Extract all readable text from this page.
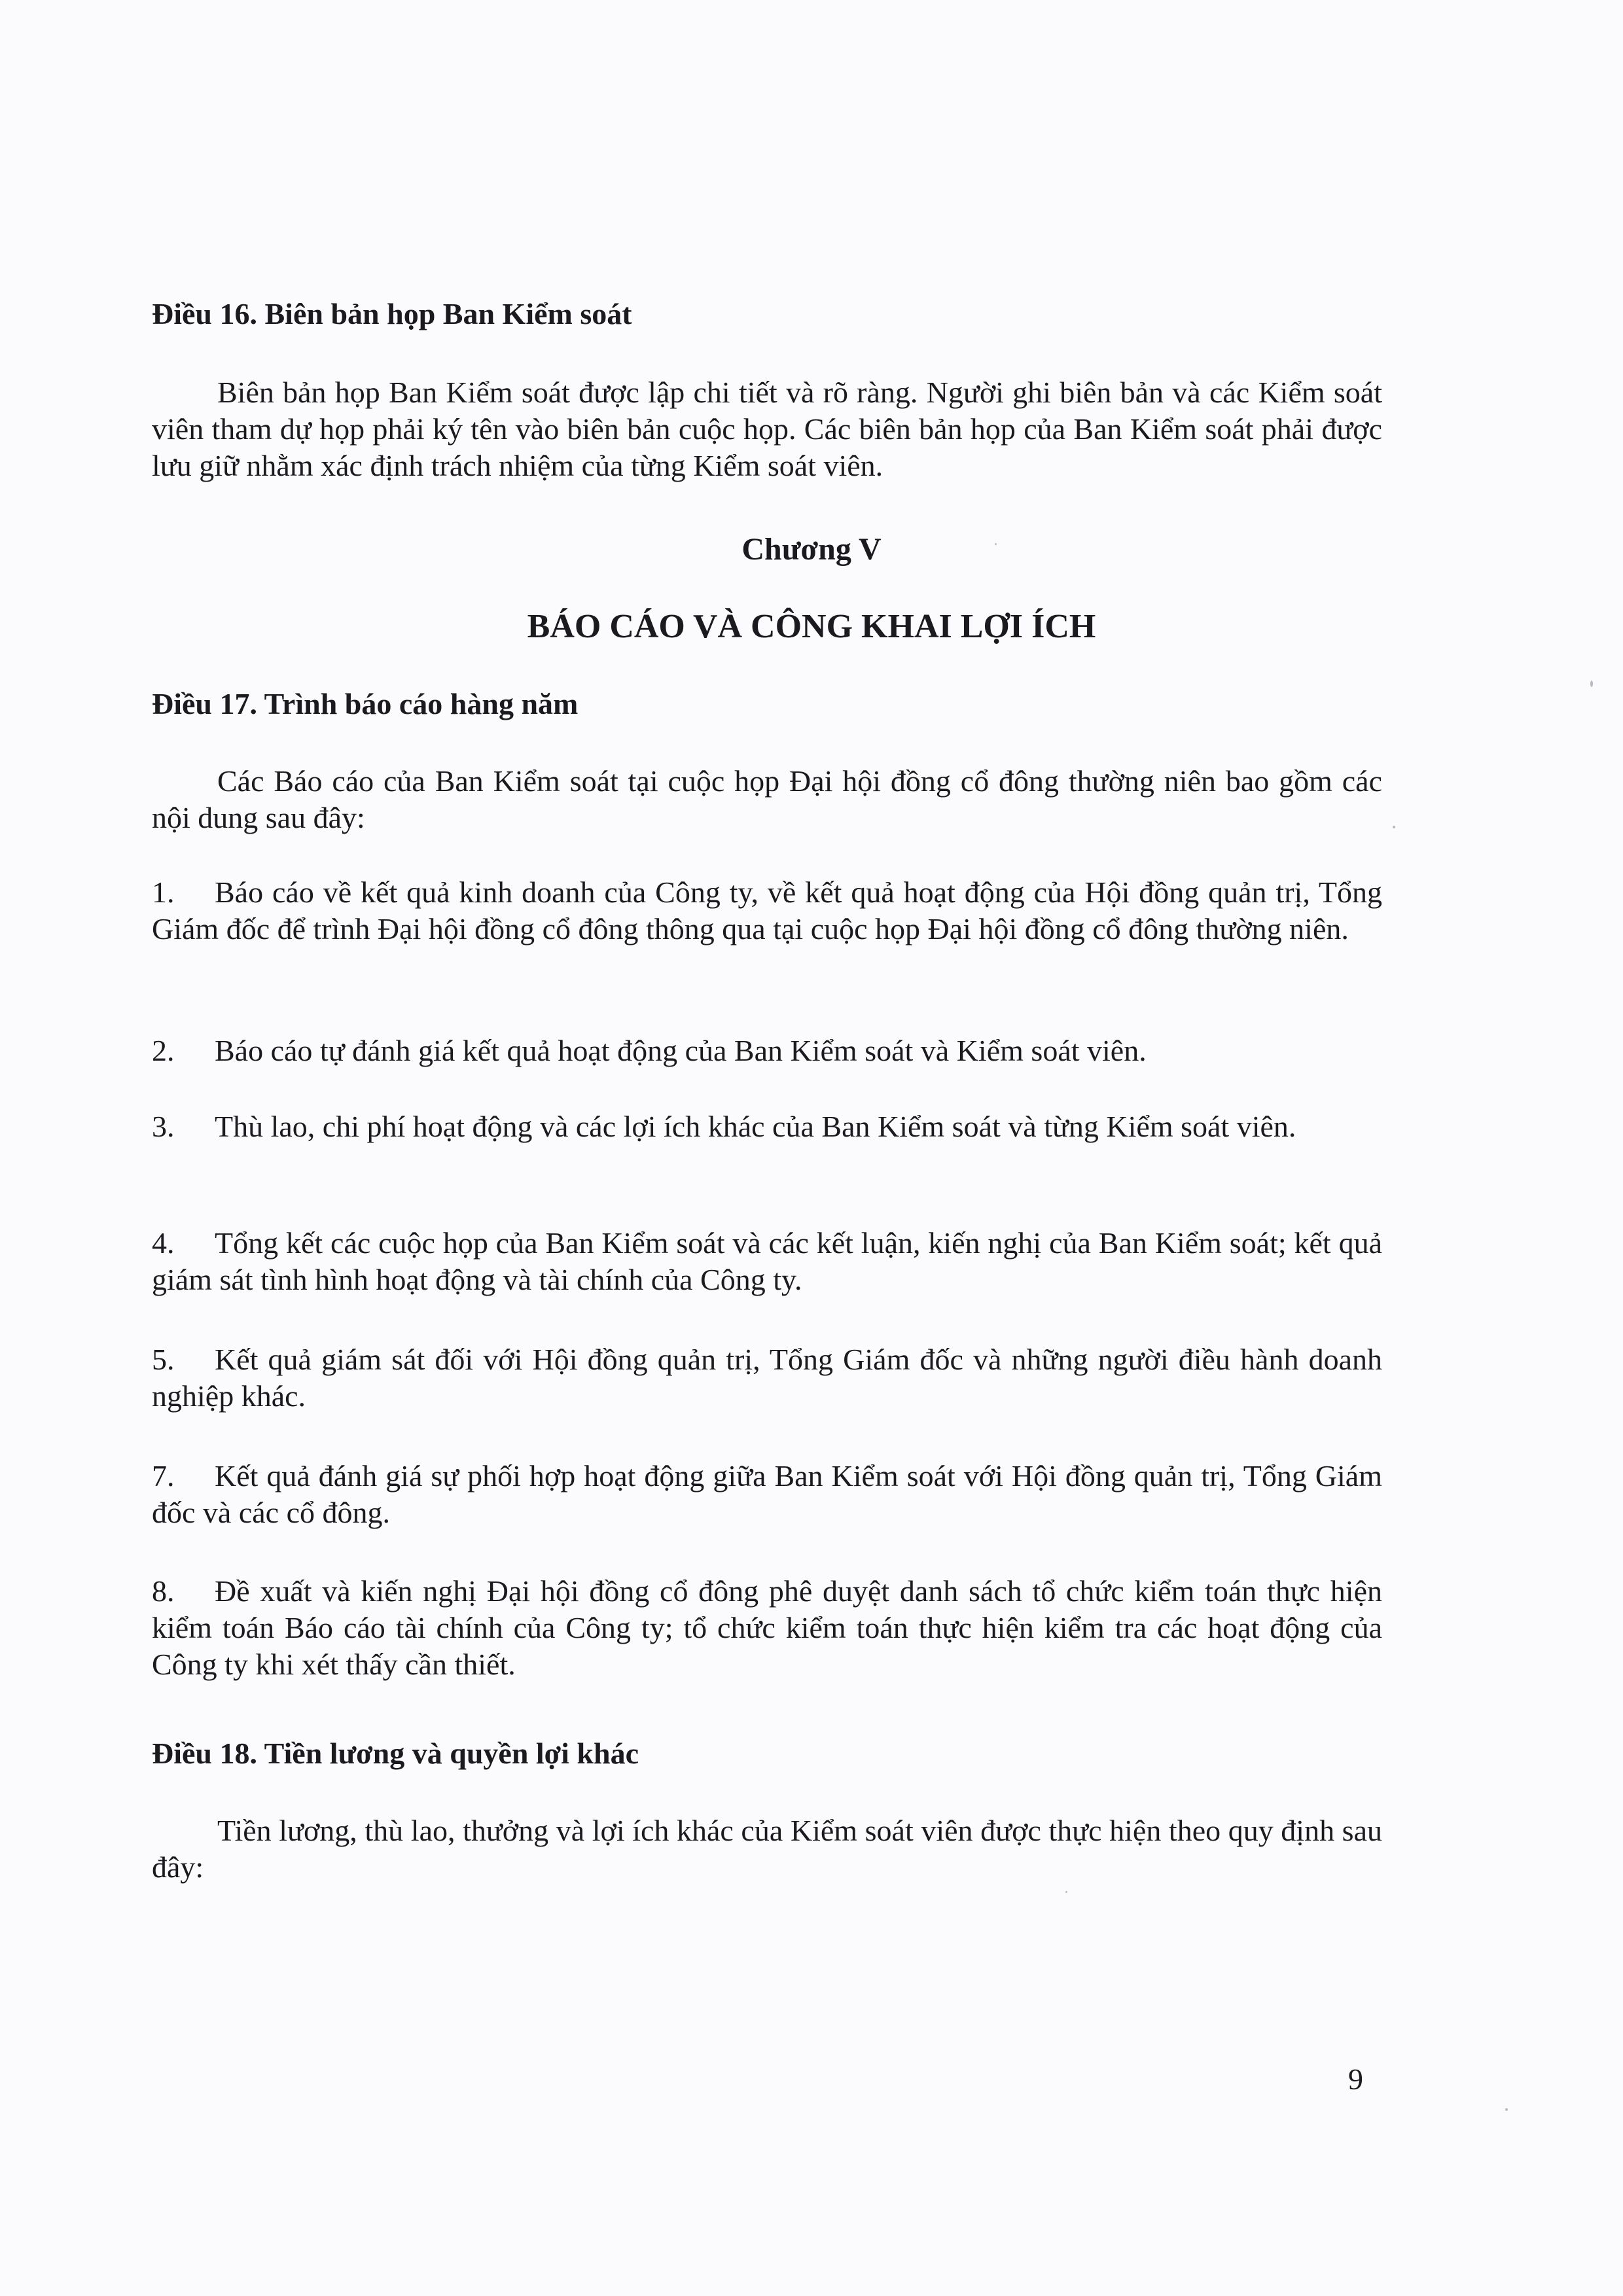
Điều 16. Biên bản họp Ban Kiểm soát
Biên bản họp Ban Kiểm soát được lập chi tiết và rõ ràng. Người ghi biên bản và các Kiểm soát viên tham dự họp phải ký tên vào biên bản cuộc họp. Các biên bản họp của Ban Kiểm soát phải được lưu giữ nhằm xác định trách nhiệm của từng Kiểm soát viên.
Chương V
BÁO CÁO VÀ CÔNG KHAI LỢI ÍCH
Điều 17. Trình báo cáo hàng năm
Các Báo cáo của Ban Kiểm soát tại cuộc họp Đại hội đồng cổ đông thường niên bao gồm các nội dung sau đây:
1. Báo cáo về kết quả kinh doanh của Công ty, về kết quả hoạt động của Hội đồng quản trị, Tổng Giám đốc để trình Đại hội đồng cổ đông thông qua tại cuộc họp Đại hội đồng cổ đông thường niên.
2. Báo cáo tự đánh giá kết quả hoạt động của Ban Kiểm soát và Kiểm soát viên.
3. Thù lao, chi phí hoạt động và các lợi ích khác của Ban Kiểm soát và từng Kiểm soát viên.
4. Tổng kết các cuộc họp của Ban Kiểm soát và các kết luận, kiến nghị của Ban Kiểm soát; kết quả giám sát tình hình hoạt động và tài chính của Công ty.
5. Kết quả giám sát đối với Hội đồng quản trị, Tổng Giám đốc và những người điều hành doanh nghiệp khác.
7. Kết quả đánh giá sự phối hợp hoạt động giữa Ban Kiểm soát với Hội đồng quản trị, Tổng Giám đốc và các cổ đông.
8. Đề xuất và kiến nghị Đại hội đồng cổ đông phê duyệt danh sách tổ chức kiểm toán thực hiện kiểm toán Báo cáo tài chính của Công ty; tổ chức kiểm toán thực hiện kiểm tra các hoạt động của Công ty khi xét thấy cần thiết.
Điều 18. Tiền lương và quyền lợi khác
Tiền lương, thù lao, thưởng và lợi ích khác của Kiểm soát viên được thực hiện theo quy định sau đây:
9
